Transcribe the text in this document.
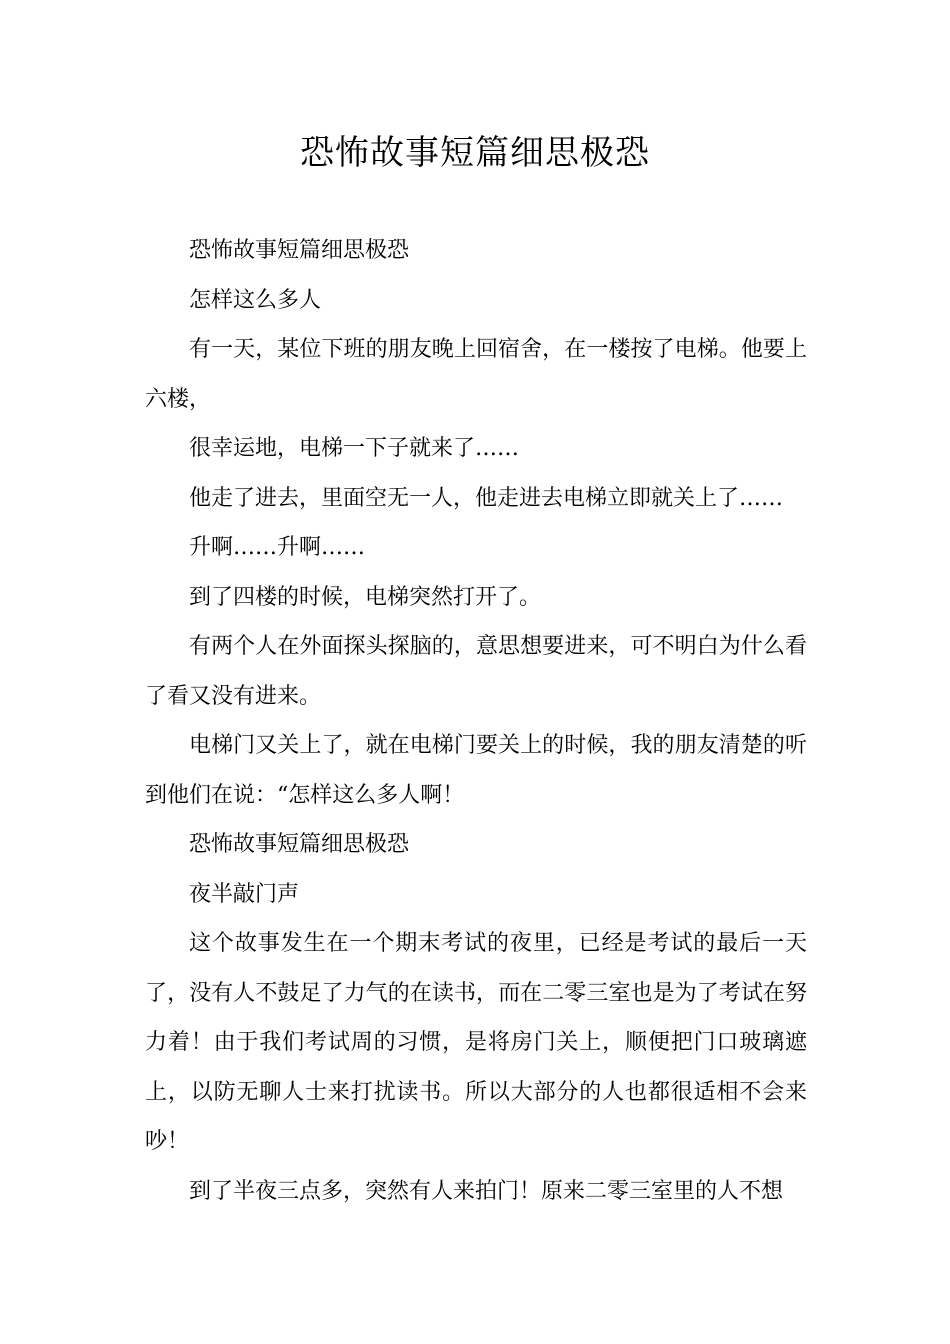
恐怖故事短篇细思极恐

恐怖故事短篇细思极恐

怎样这么多人

有一天，某位下班的朋友晚上回宿舍，在一楼按了电梯。他要上六楼，

很幸运地，电梯一下子就来了……

他走了进去，里面空无一人，他走进去电梯立即就关上了……

升啊……升啊……

到了四楼的时候，电梯突然打开了。

有两个人在外面探头探脑的，意思想要进来，可不明白为什么看了看又没有进来。

电梯门又关上了，就在电梯门要关上的时候，我的朋友清楚的听到他们在说：“怎样这么多人啊！

恐怖故事短篇细思极恐

夜半敲门声

这个故事发生在一个期末考试的夜里，已经是考试的最后一天了，没有人不鼓足了力气的在读书，而在二零三室也是为了考试在努力着！由于我们考试周的习惯，是将房门关上，顺便把门口玻璃遮上，以防无聊人士来打扰读书。所以大部分的人也都很适相不会来吵！

到了半夜三点多，突然有人来拍门！原来二零三室里的人不想
